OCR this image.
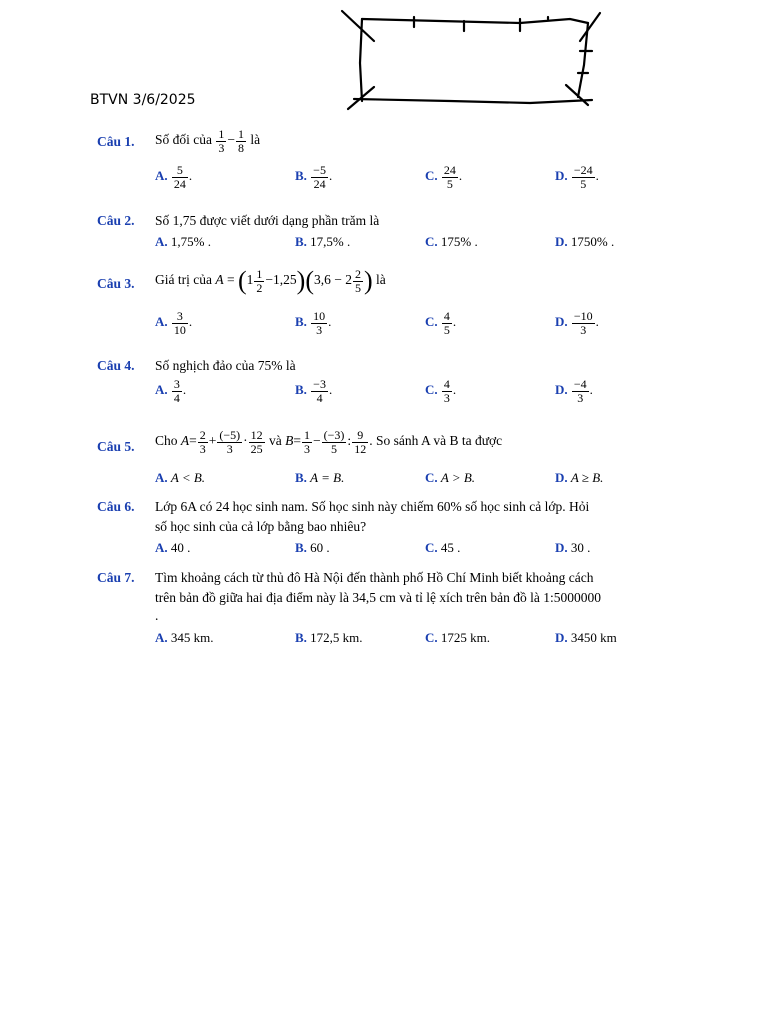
BTVN 3/6/2025
Câu 1. Số đối của $\frac{1}{3} - \frac{1}{8}$ là
A. $\frac{5}{24}$ .	B. $\frac{-5}{24}$ .	C. $\frac{24}{5}$ .	D. $\frac{-24}{5}$ .
Câu 2. Số 1,75 được viết dưới dạng phần trăm là
A. 1,75% .	B. 17,5% .	C. 175% .	D. 1750% .
Câu 3. Giá trị của $A = (1 \frac{1}{2} -1,25)(3,6 - 2 \frac{2}{5}$ ) là
A. $\frac{3}{10}$ .	B. $\frac{10}{3}$ .	C. $\frac{4}{5}$ .	D. $\frac{-10}{3}$ .
Câu 4. Số nghịch đảo của 75% là
A. $\frac{3}{4}$ .	B. $\frac{-3}{4}$ .	C. $\frac{4}{3}$ .	D. $\frac{-4}{3}$ .
Câu 5. Cho $A= \frac{2}{3} + \frac{(-5)}{3} \cdot \frac{12}{25}$ và $B= \frac{1}{3} - \frac{(-3)}{5}$ : $\frac{9}{12}$ . So sánh A và B ta được
A. A < B.	B. A = B.	C. A > B.	D. A ≥ B.
Câu 6. Lớp 6A có 24 học sinh nam. Số học sinh này chiếm 60% số học sinh cả lớp. Hỏi
số học sinh của cả lớp bằng bao nhiêu?
A. 40 .	B. 60 .	C. 45 .	D. 30 .
Câu 7. Tìm khoảng cách từ thủ đô Hà Nội đến thành phố Hồ Chí Minh biết khoảng cách
trên bản đồ giữa hai địa điểm này là 34,5 cm và tỉ lệ xích trên bản đồ là 1:5000000
.
A. 345 km.	B. 172,5 km.	C. 1725 km.	D. 3450 km
